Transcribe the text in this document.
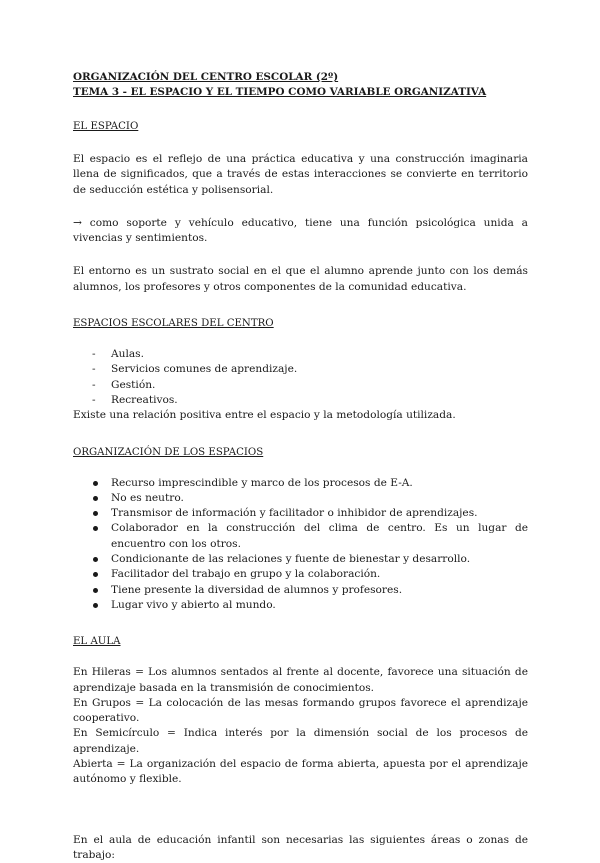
ORGANIZACIÓN DEL CENTRO ESCOLAR (2º)
TEMA 3 - EL ESPACIO Y EL TIEMPO COMO VARIABLE ORGANIZATIVA
EL ESPACIO

El espacio es el reflejo de una práctica educativa y una construcción imaginaria llena de significados, que a través de estas interacciones se convierte en territorio de seducción estética y polisensorial.

→ como soporte y vehículo educativo, tiene una función psicológica unida a vivencias y sentimientos.

El entorno es un sustrato social en el que el alumno aprende junto con los demás alumnos, los profesores y otros componentes de la comunidad educativa.

ESPACIOS ESCOLARES DEL CENTRO
- Aulas.
- Servicios comunes de aprendizaje.
- Gestión.
- Recreativos.

Existe una relación positiva entre el espacio y la metodología utilizada.

ORGANIZACIÓN DE LOS ESPACIOS
Recurso imprescindible y marco de los procesos de E-A.
No es neutro.
Transmisor de información y facilitador o inhibidor de aprendizajes.
Colaborador en la construcción del clima de centro. Es un lugar de encuentro con los otros.
Condicionante de las relaciones y fuente de bienestar y desarrollo.
Facilitador del trabajo en grupo y la colaboración.
Tiene presente la diversidad de alumnos y profesores.
Lugar vivo y abierto al mundo.
EL AULA
En Hileras = Los alumnos sentados al frente al docente, favorece una situación de aprendizaje basada en la transmisión de conocimientos.
En Grupos = La colocación de las mesas formando grupos favorece el aprendizaje cooperativo.
En Semicírculo = Indica interés por la dimensión social de los procesos de aprendizaje.
Abierta = La organización del espacio de forma abierta, apuesta por el aprendizaje autónomo y flexible.

En el aula de educación infantil son necesarias las siguientes áreas o zonas de trabajo:
